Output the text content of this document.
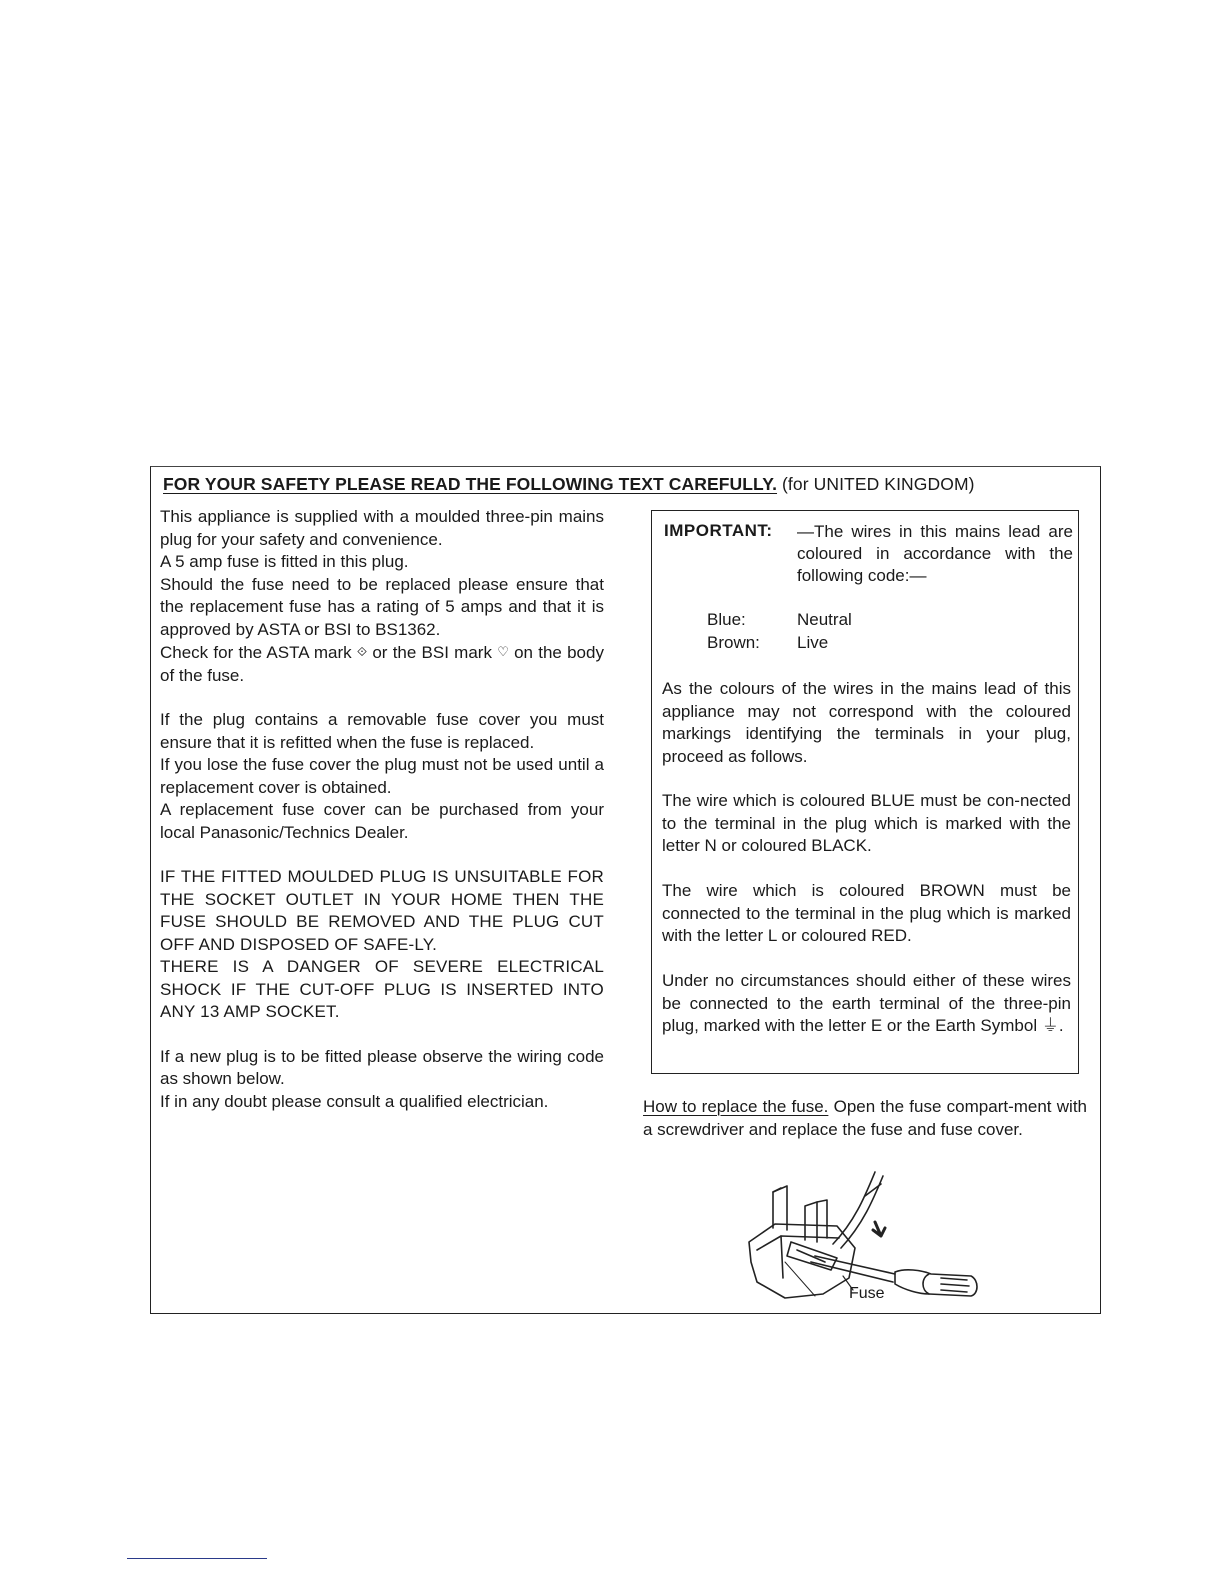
FOR YOUR SAFETY PLEASE READ THE FOLLOWING TEXT CAREFULLY. (for UNITED KINGDOM)

This appliance is supplied with a moulded three-pin mains plug for your safety and convenience.

A 5 amp fuse is fitted in this plug.

Should the fuse need to be replaced please ensure that the replacement fuse has a rating of 5 amps and that it is approved by ASTA or BSI to BS1362.

Check for the ASTA mark ⟐ or the BSI mark ♡ on the body of the fuse.

If the plug contains a removable fuse cover you must ensure that it is refitted when the fuse is replaced.

If you lose the fuse cover the plug must not be used until a replacement cover is obtained.

A replacement fuse cover can be purchased from your local Panasonic/Technics Dealer.

IF THE FITTED MOULDED PLUG IS UNSUITABLE FOR THE SOCKET OUTLET IN YOUR HOME THEN THE FUSE SHOULD BE REMOVED AND THE PLUG CUT OFF AND DISPOSED OF SAFE-LY.

THERE IS A DANGER OF SEVERE ELECTRICAL SHOCK IF THE CUT-OFF PLUG IS INSERTED INTO ANY 13 AMP SOCKET.

If a new plug is to be fitted please observe the wiring code as shown below.

If in any doubt please consult a qualified electrician.

IMPORTANT: —The wires in this mains lead are coloured in accordance with the following code:—
Blue:	Neutral
Brown: Live

As the colours of the wires in the mains lead of this appliance may not correspond with the coloured markings identifying the terminals in your plug, proceed as follows.

The wire which is coloured BLUE must be con-nected to the terminal in the plug which is marked with the letter N or coloured BLACK.

The wire which is coloured BROWN must be connected to the terminal in the plug which is marked with the letter L or coloured RED.

Under no circumstances should either of these wires be connected to the earth terminal of the three-pin plug, marked with the letter E or the Earth Symbol ⏚.

How to replace the fuse. Open the fuse compart-ment with a screwdriver and replace the fuse and fuse cover.

Fuse
